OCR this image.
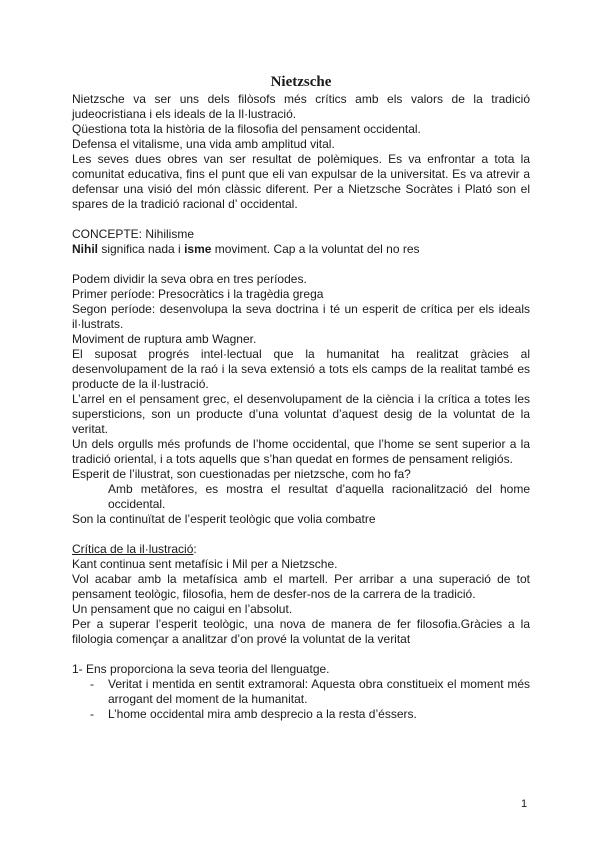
Nietzsche

Nietzsche va ser uns dels filòsofs més crítics amb els valors de la tradició judeocristiana i els ideals de la Il·lustració.

Qüestiona tota la història de la filosofia del pensament occidental.

Defensa el vitalisme, una vida amb amplitud vital.

Les seves dues obres van ser resultat de polèmiques. Es va enfrontar a tota la comunitat educativa, fins el punt que eli van expulsar de la universitat. Es va atrevir a defensar una visió del món clàssic diferent. Per a Nietzsche Socràtes i Plató son el spares de la tradició racional d’ occidental.

CONCEPTE: Nihilisme

Nihil significa nada i isme moviment. Cap a la voluntat del no res

Podem dividir la seva obra en tres períodes.

Primer període: Presocràtics i la tragèdia grega

Segon període: desenvolupa la seva doctrina i té un esperit de crítica per els ideals il·lustrats.

Moviment de ruptura amb Wagner.

El suposat progrés intel·lectual que la humanitat ha realitzat gràcies al desenvolupament de la raó i la seva extensió a tots els camps de la realitat també es producte de la il·lustració.

L’arrel en el pensament grec, el desenvolupament de la ciència i la crítica a totes les supersticions, son un producte d’una voluntat d’aquest desig de la voluntat de la veritat.

Un dels orgulls més profunds de l’home occidental, que l’home se sent superior a la tradició oriental, i a tots aquells que s’han quedat en formes de pensament religiós.

Esperit de l’ilustrat, son cuestionadas per nietzsche, com ho fa?

Amb metàfores, es mostra el resultat d’aquella racionalització del home occidental.

Son la continuïtat de l’esperit teològic que volia combatre

Crítica de la il·lustració:

Kant continua sent metafísic i Mil per a Nietzsche.

Vol acabar amb la metafísica amb el martell. Per arribar a una superació de tot pensament teològic, filosofia, hem de desfer-nos de la carrera de la tradició.

Un pensament que no caigui en l’absolut.

Per a superar l’esperit teològic, una nova de manera de fer filosofia.Gràcies a la filologia començar a analitzar d’on prové la voluntat de la veritat

1- Ens proporciona la seva teoria del llenguatge.

- Veritat i mentida en sentit extramoral: Aquesta obra constitueix el moment més arrogant del moment de la humanitat.
- L’home occidental mira amb desprecio a la resta d’éssers.
1
